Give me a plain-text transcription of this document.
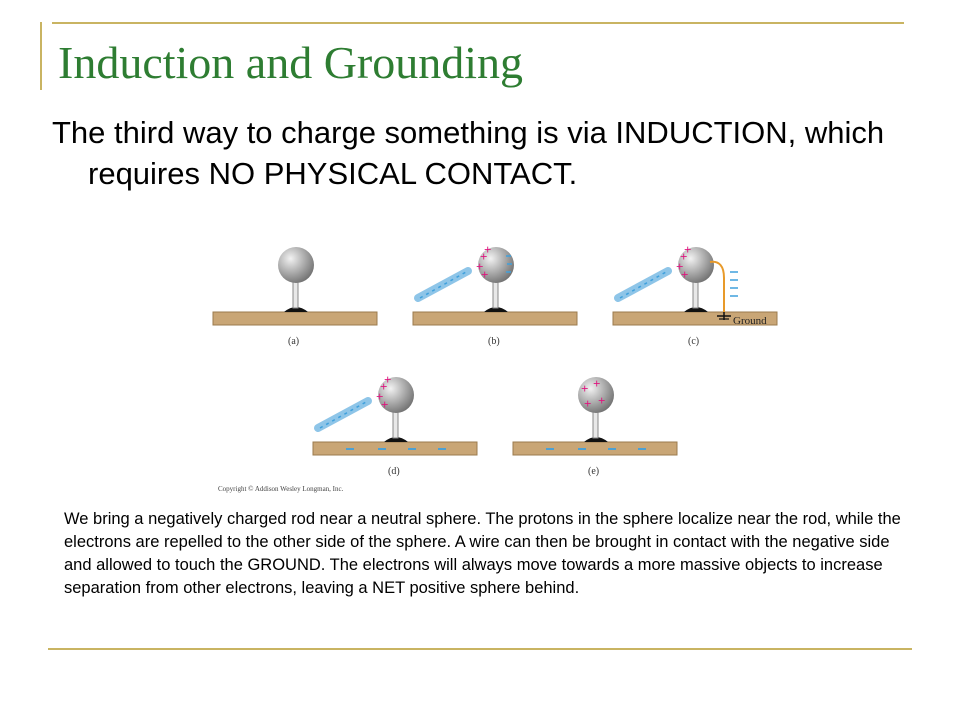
Induction and Grounding
The third way to charge something is via INDUCTION, which requires NO PHYSICAL CONTACT.
(a)
+
+
+
+
(b)
+
+
+
+
Ground
(c)
+
+
+
+
(d)
+ +
+
+
(e)
Copyright © Addison Wesley Longman, Inc.
We bring a negatively charged rod near a neutral sphere. The protons in the sphere localize near the rod, while the electrons are repelled to the other side of the sphere. A wire can then be brought in contact with the negative side and allowed to touch the GROUND. The electrons will always move towards a more massive objects to increase separation from other electrons, leaving a NET positive sphere behind.
